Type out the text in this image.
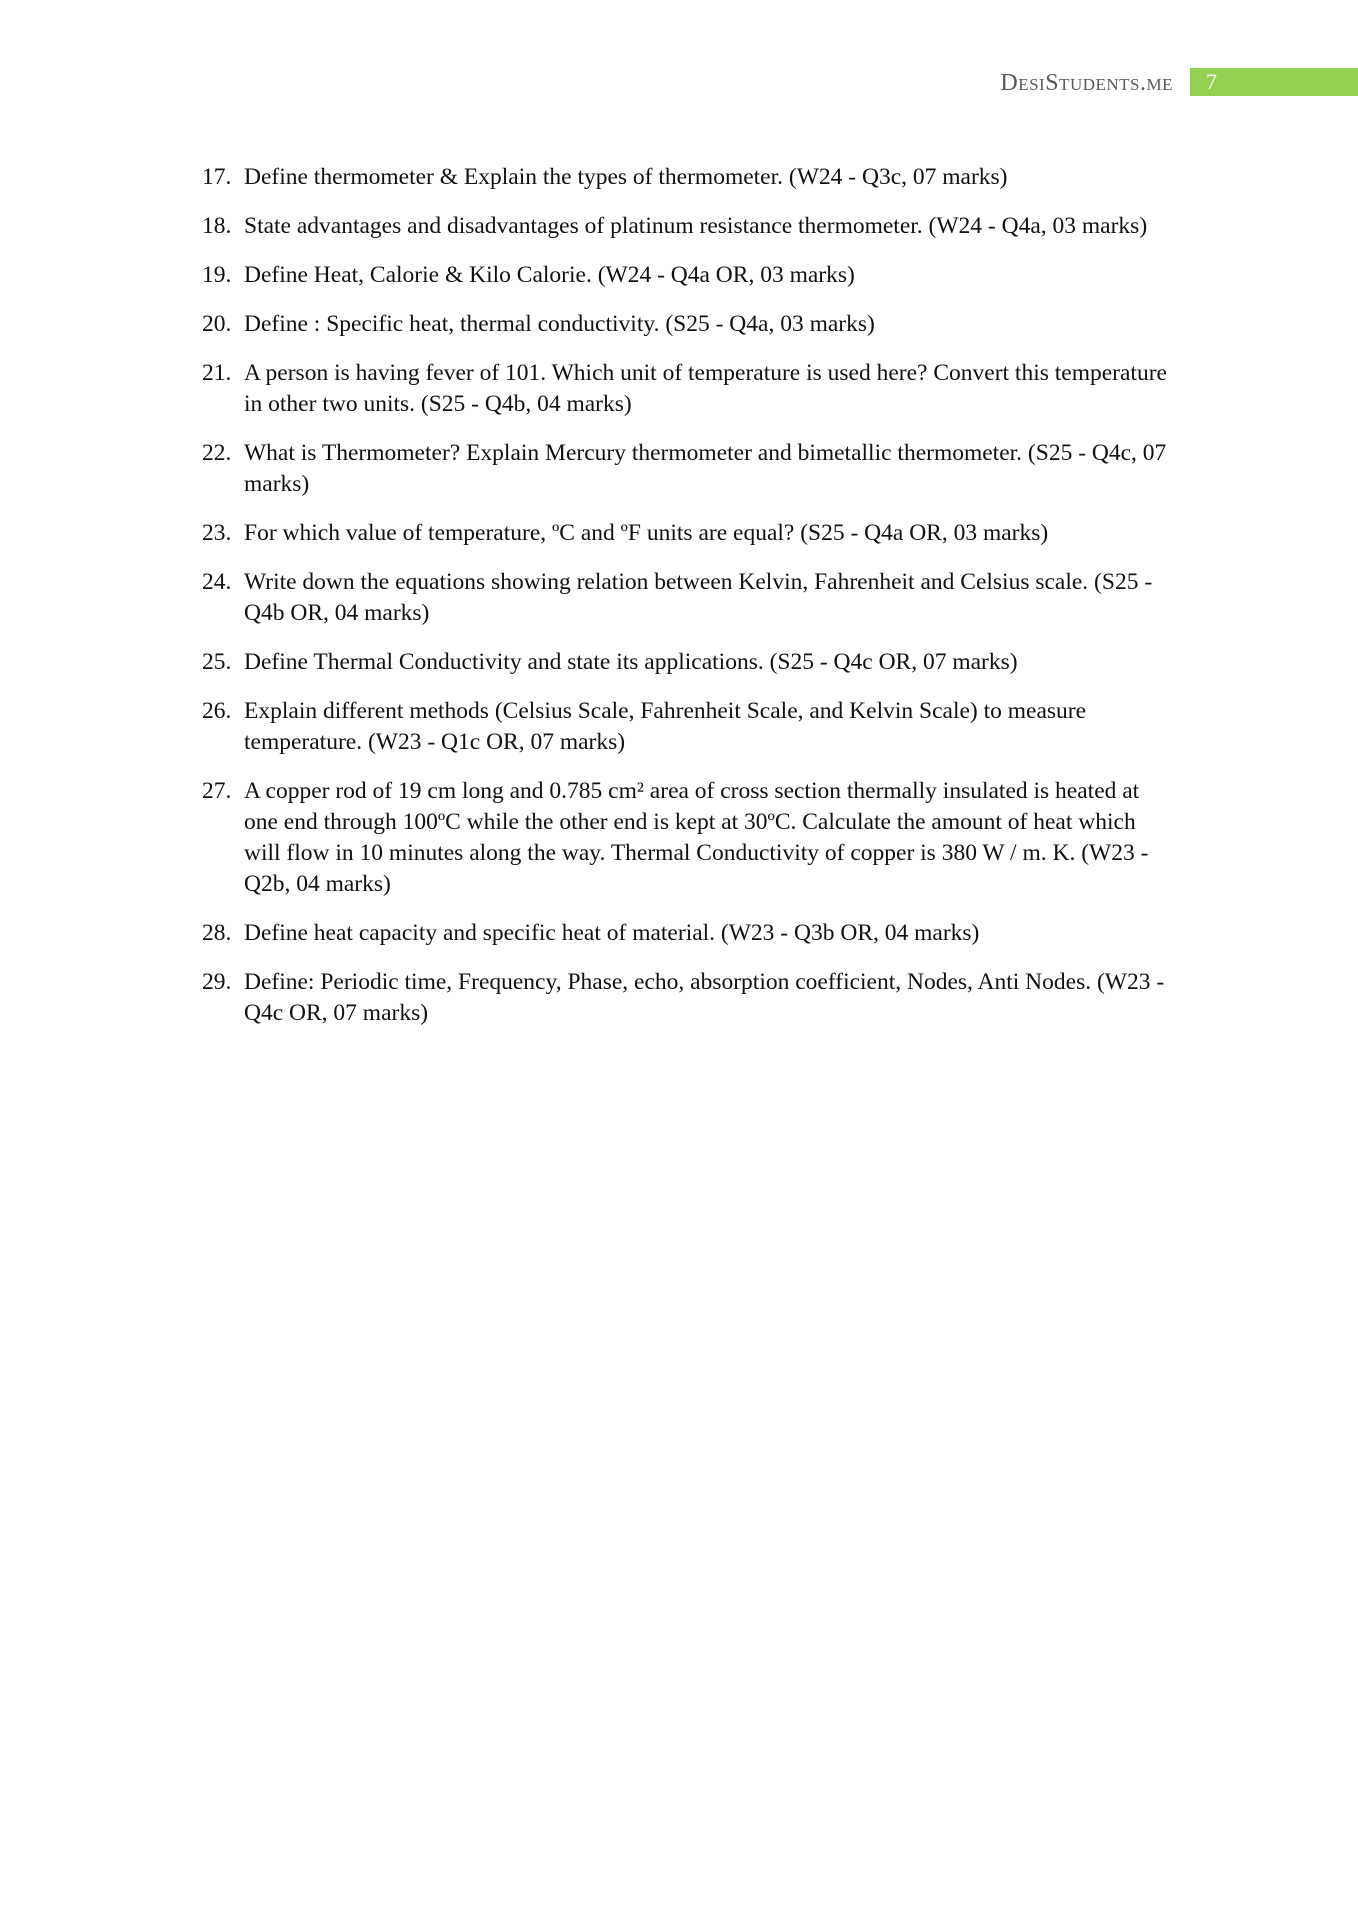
DesiStudents.me 7
17. Define thermometer & Explain the types of thermometer. (W24 - Q3c, 07 marks)
18. State advantages and disadvantages of platinum resistance thermometer. (W24 - Q4a, 03 marks)
19. Define Heat, Calorie & Kilo Calorie. (W24 - Q4a OR, 03 marks)
20. Define : Specific heat, thermal conductivity. (S25 - Q4a, 03 marks)
21. A person is having fever of 101. Which unit of temperature is used here? Convert this temperature in other two units. (S25 - Q4b, 04 marks)
22. What is Thermometer? Explain Mercury thermometer and bimetallic thermometer. (S25 - Q4c, 07 marks)
23. For which value of temperature, ºC and ºF units are equal? (S25 - Q4a OR, 03 marks)
24. Write down the equations showing relation between Kelvin, Fahrenheit and Celsius scale. (S25 - Q4b OR, 04 marks)
25. Define Thermal Conductivity and state its applications. (S25 - Q4c OR, 07 marks)
26. Explain different methods (Celsius Scale, Fahrenheit Scale, and Kelvin Scale) to measure temperature. (W23 - Q1c OR, 07 marks)
27. A copper rod of 19 cm long and 0.785 cm² area of cross section thermally insulated is heated at one end through 100ºC while the other end is kept at 30ºC. Calculate the amount of heat which will flow in 10 minutes along the way. Thermal Conductivity of copper is 380 W / m. K. (W23 - Q2b, 04 marks)
28. Define heat capacity and specific heat of material. (W23 - Q3b OR, 04 marks)
29. Define: Periodic time, Frequency, Phase, echo, absorption coefficient, Nodes, Anti Nodes. (W23 - Q4c OR, 07 marks)
